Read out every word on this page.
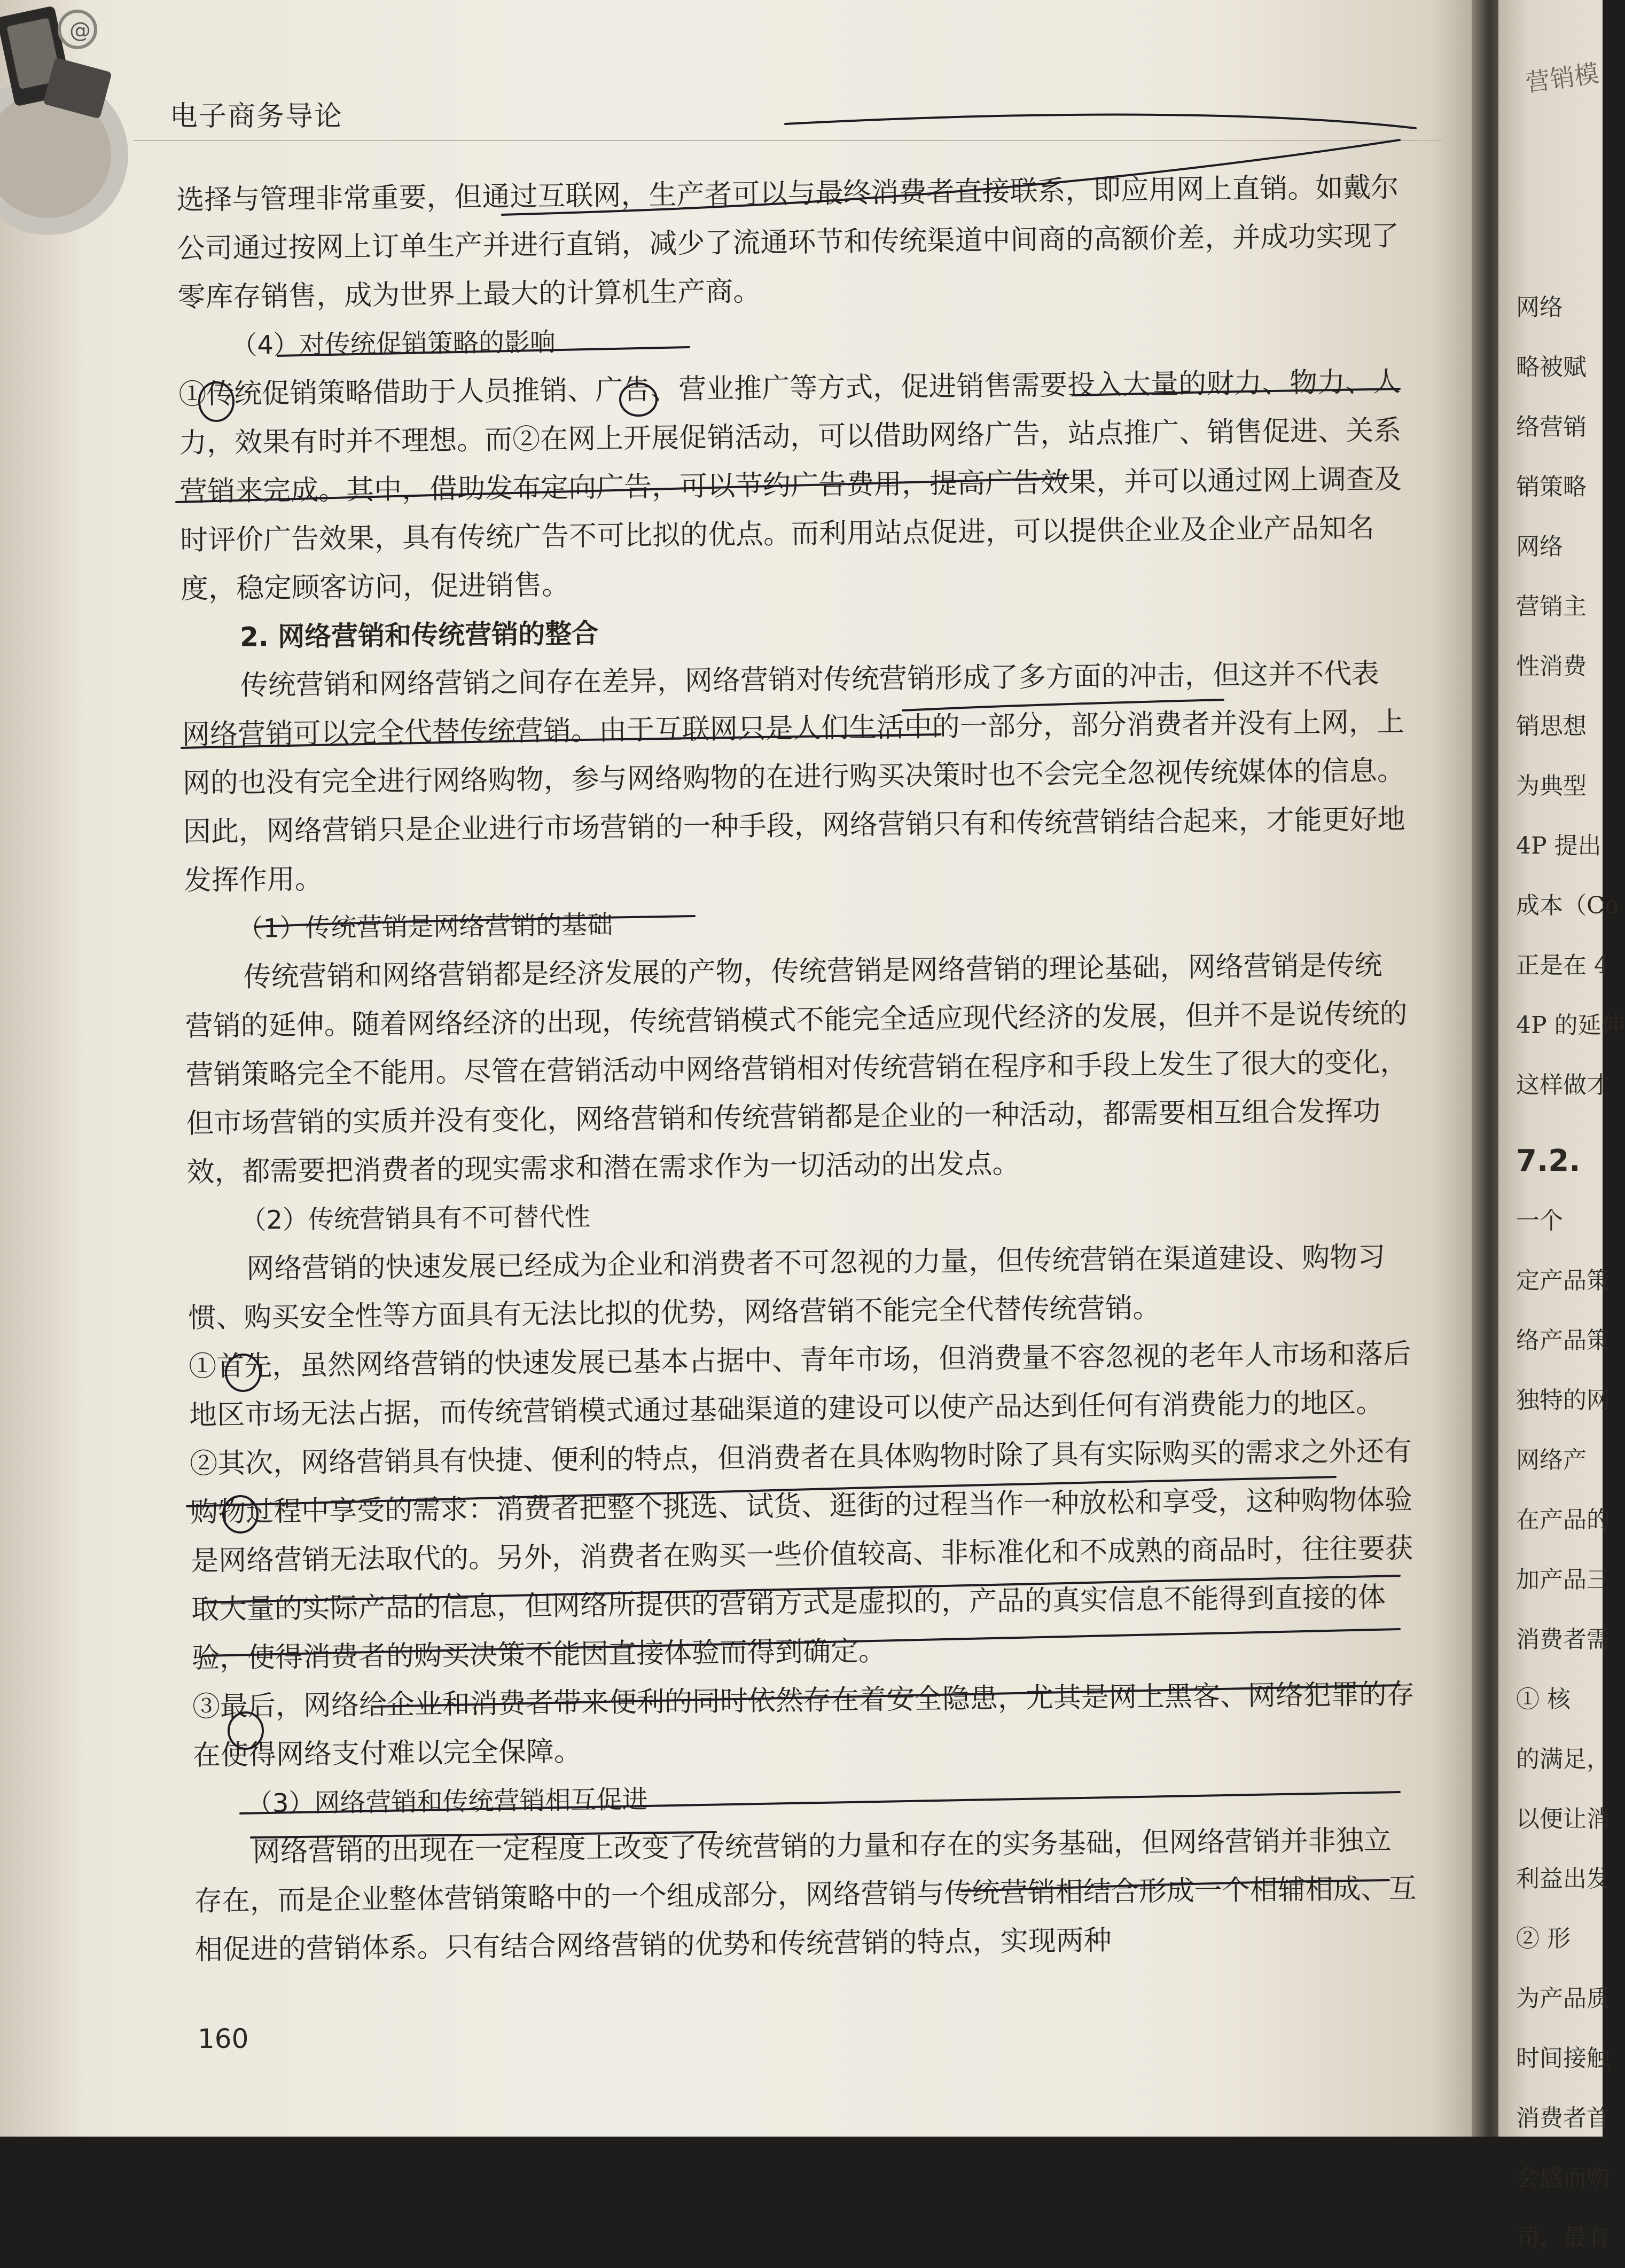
@
电子商务导论

选择与管理非常重要，但通过互联网，生产者可以与最终消费者直接联系，即应用网上直销。如戴尔公司通过按网上订单生产并进行直销，减少了流通环节和传统渠道中间商的高额价差，并成功实现了零库存销售，成为世界上最大的计算机生产商。

（4）对传统促销策略的影响

①传统促销策略借助于人员推销、广告、营业推广等方式，促进销售需要投入大量的财力、物力、人力，效果有时并不理想。而②在网上开展促销活动，可以借助网络广告，站点推广、销售促进、关系营销来完成。其中，借助发布定向广告，可以节约广告费用，提高广告效果，并可以通过网上调查及时评价广告效果，具有传统广告不可比拟的优点。而利用站点促进，可以提供企业及企业产品知名度，稳定顾客访问，促进销售。

2. 网络营销和传统营销的整合

传统营销和网络营销之间存在差异，网络营销对传统营销形成了多方面的冲击，但这并不代表网络营销可以完全代替传统营销。由于互联网只是人们生活中的一部分，部分消费者并没有上网，上网的也没有完全进行网络购物，参与网络购物的在进行购买决策时也不会完全忽视传统媒体的信息。因此，网络营销只是企业进行市场营销的一种手段，网络营销只有和传统营销结合起来，才能更好地发挥作用。

（1）传统营销是网络营销的基础

传统营销和网络营销都是经济发展的产物，传统营销是网络营销的理论基础，网络营销是传统营销的延伸。随着网络经济的出现，传统营销模式不能完全适应现代经济的发展，但并不是说传统的营销策略完全不能用。尽管在营销活动中网络营销相对传统营销在程序和手段上发生了很大的变化，但市场营销的实质并没有变化，网络营销和传统营销都是企业的一种活动，都需要相互组合发挥功效，都需要把消费者的现实需求和潜在需求作为一切活动的出发点。

（2）传统营销具有不可替代性

网络营销的快速发展已经成为企业和消费者不可忽视的力量，但传统营销在渠道建设、购物习惯、购买安全性等方面具有无法比拟的优势，网络营销不能完全代替传统营销。

①首先，虽然网络营销的快速发展已基本占据中、青年市场，但消费量不容忽视的老年人市场和落后地区市场无法占据，而传统营销模式通过基础渠道的建设可以使产品达到任何有消费能力的地区。

②其次，网络营销具有快捷、便利的特点，但消费者在具体购物时除了具有实际购买的需求之外还有购物过程中享受的需求：消费者把整个挑选、试货、逛街的过程当作一种放松和享受，这种购物体验是网络营销无法取代的。另外，消费者在购买一些价值较高、非标准化和不成熟的商品时，往往要获取大量的实际产品的信息，但网络所提供的营销方式是虚拟的，产品的真实信息不能得到直接的体验，使得消费者的购买决策不能因直接体验而得到确定。

③最后，网络给企业和消费者带来便利的同时依然存在着安全隐患，尤其是网上黑客、网络犯罪的存在使得网络支付难以完全保障。

（3）网络营销和传统营销相互促进

网络营销的出现在一定程度上改变了传统营销的力量和存在的实务基础，但网络营销并非独立存在，而是企业整体营销策略中的一个组成部分，网络营销与传统营销相结合形成一个相辅相成、互相促进的营销体系。只有结合网络营销的优势和传统营销的特点，实现两种

160
营销模
网络
略被赋
络营销
销策略
网络
营销主
性消费
销思想
为典型
4P 提出
成本（Co
正是在 4
4P 的延伸
这样做才
7.2.
一个
定产品策
络产品策
独特的网
网络产
在产品的
加产品三
消费者需
① 核
的满足，
以便让消
利益出发
② 形
为产品质
时间接触
消费者首
会感而购
司，最有
